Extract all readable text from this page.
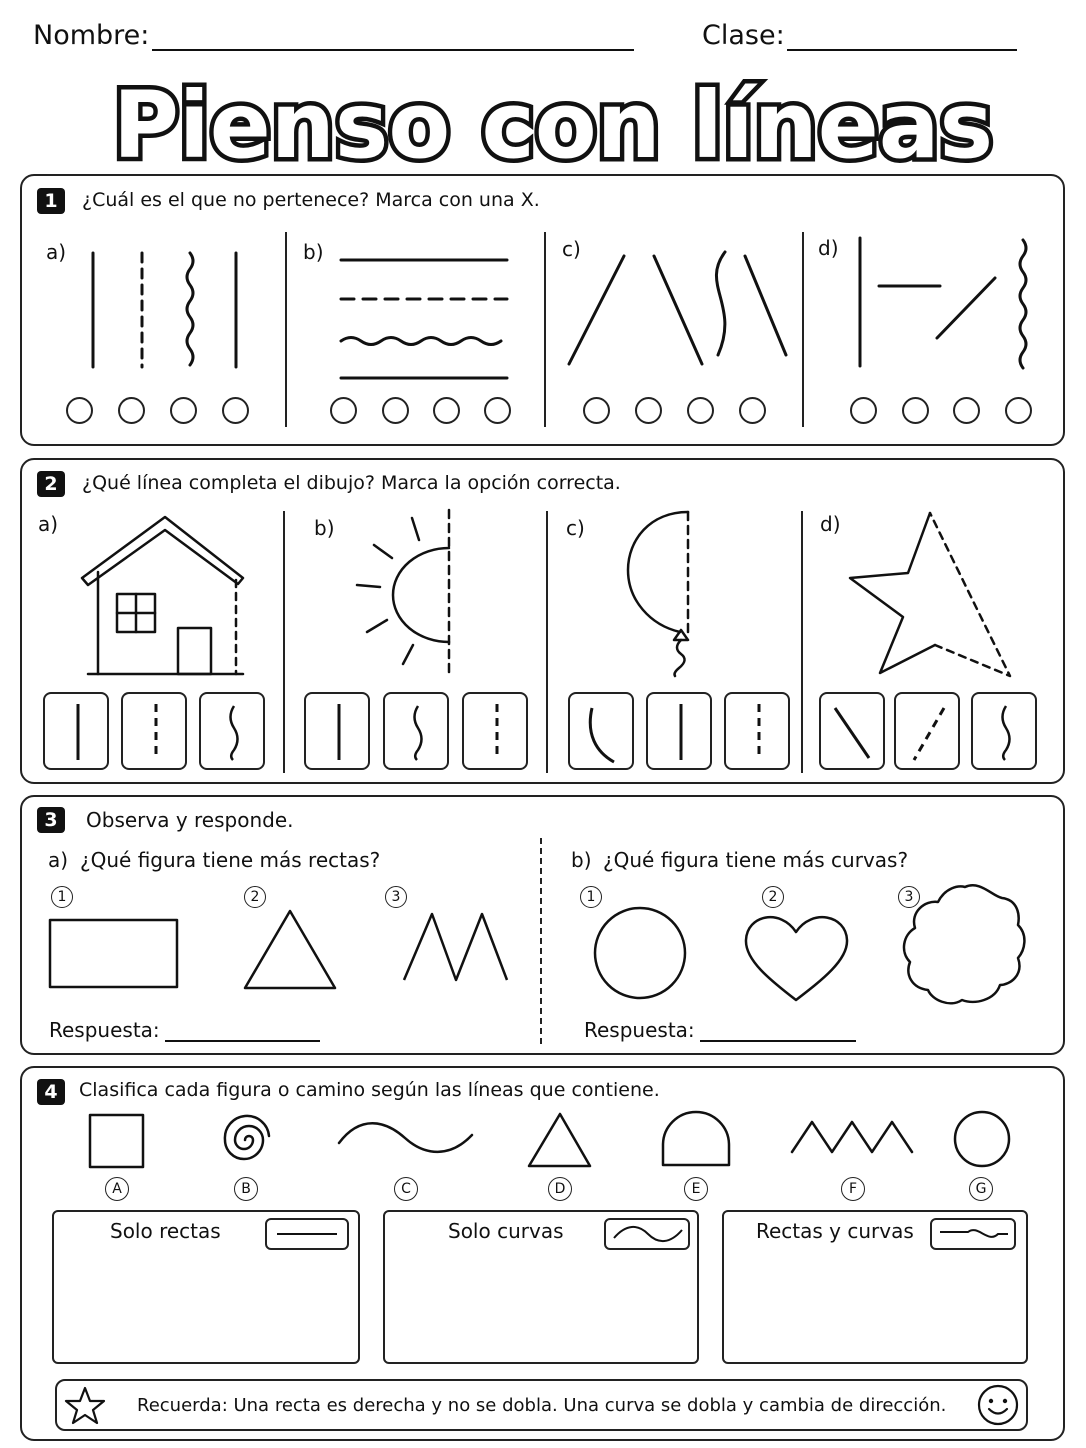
Nombre:	Clase:
Pienso con líneas
1	¿Cuál es el que no pertenece? Marca con una X.
a)	b)	c)	d)
2	¿Qué línea completa el dibujo? Marca la opción correcta.
a)	b)	c)	d)
3	Observa y responde.
a) ¿Qué figura tiene más rectas?	b) ¿Qué figura tiene más curvas?
1	2	3	1	2	3
Respuesta:	Respuesta:
4	Clasifica cada figura o camino según las líneas que contiene.
A	B	C	D	E	F	G
Solo rectas	Solo curvas	Rectas y curvas
Recuerda: Una recta es derecha y no se dobla. Una curva se dobla y cambia de dirección.
